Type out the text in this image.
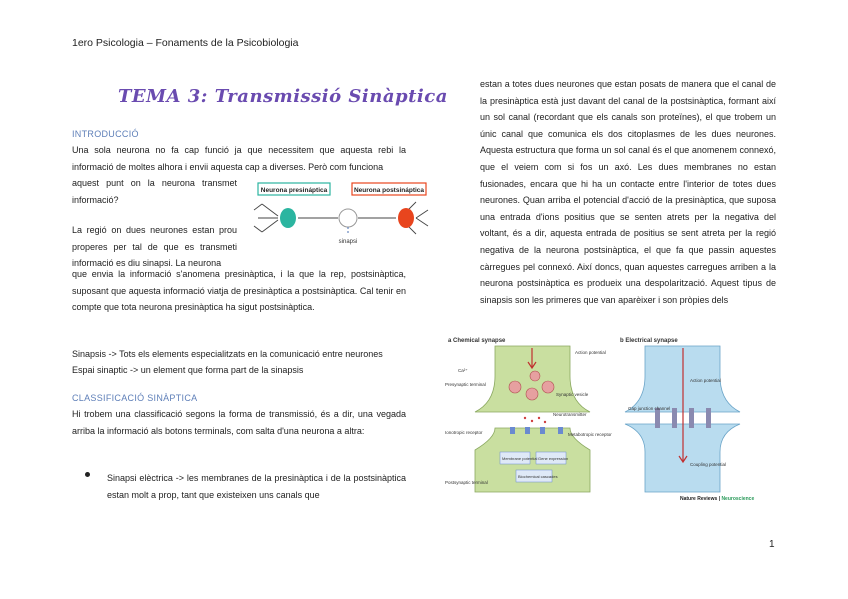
1ero Psicologia – Fonaments de la Psicobiologia
TEMA 3: Transmissió Sinàptica
INTRODUCCIÓ
Una sola neurona no fa cap funció ja que necessitem que aquesta rebi la informació de moltes alhora i envii aquesta cap a diverses. Però com funciona
aquest punt on la neurona transmet informació?
La regió on dues neurones estan prou properes per tal de que es transmeti informació es diu sinapsi. La neurona
que envia la informació s'anomena presinàptica, i la que la rep, postsinàptica, suposant que aquesta informació viatja de presinàptica a postsinàptica. Cal tenir en compte que tota neurona presinàptica ha sigut postsinàptica.
Sinapsis -> Tots els elements especialitzats en la comunicació entre neurones
Espai sinaptic -> un element que forma part de la sinapsis
CLASSIFICACIÓ SINÀPTICA
Hi trobem una classificació segons la forma de transmissió, és a dir, una vegada arriba la informació als botons terminals, com salta d'una neurona a altra:
Sinapsi elèctrica -> les membranes de la presinàptica i de la postsinàptica estan molt a prop, tant que existeixen uns canals que
estan a totes dues neurones que estan posats de manera que el canal de la presinàptica està just davant del canal de la postsinàptica, formant així un sol canal (recordant que els canals son proteïnes), el que trobem un únic canal que comunica els dos citoplasmes de les dues neurones. Aquesta estructura que forma un sol canal és el que anomenem connexó, que el veiem com si fos un axó. Les dues membranes no estan fusionades, encara que hi ha un contacte entre l'interior de totes dues neurones. Quan arriba el potencial d'acció de la presinàptica, que suposa una entrada d'ions positius que se senten atrets per la negativa del voltant, és a dir, aquesta entrada de positius se sent atreta per la regió negativa de la neurona postsinàptica, el que fa que passin aquestes càrregues pel connexó. Així doncs, quan aquestes carregues arriben a la neurona postsinàptica es produeix una despolarització. Aquest tipus de sinapsis son les primeres que van aparèixer i son pròpies dels
Neurona presináptica	Neurona postsináptica
sinapsi
a Chemical synapse	b Electrical synapse
Action potential
Ca²⁺
Presynaptic terminal
Synaptic vesicle
Neurotransmitter
Ionotropic receptor	Metabotropic receptor
Membrane potential Gene expression
Biochemical cascades
Postsynaptic terminal
Action potential
Gap junction channel
Coupling potential
Nature Reviews | Neuroscience
1
